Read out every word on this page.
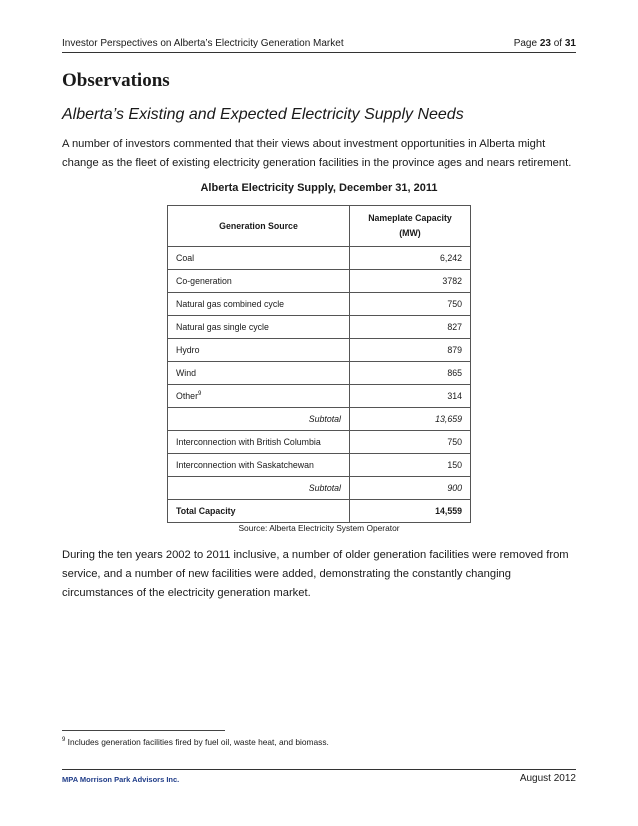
Investor Perspectives on Alberta’s Electricity Generation Market	Page 23 of 31
Observations
Alberta’s Existing and Expected Electricity Supply Needs
A number of investors commented that their views about investment opportunities in Alberta might change as the fleet of existing electricity generation facilities in the province ages and nears retirement.
Alberta Electricity Supply, December 31, 2011
Generation Source	Nameplate Capacity
(MW)
Coal	6,242
Co-generation	3782
Natural gas combined cycle	750
Natural gas single cycle	827
Hydro	879
Wind	865
Other$^9$	314
Subtotal	13,659
Interconnection with British Columbia	750
Interconnection with Saskatchewan	150
Subtotal	900
Total Capacity	14,559
Source: Alberta Electricity System Operator
During the ten years 2002 to 2011 inclusive, a number of older generation facilities were removed from service, and a number of new facilities were added, demonstrating the constantly changing circumstances of the electricity generation market.
$^9$ Includes generation facilities fired by fuel oil, waste heat, and biomass.
MPA Morrison Park Advisors Inc.	August 2012
